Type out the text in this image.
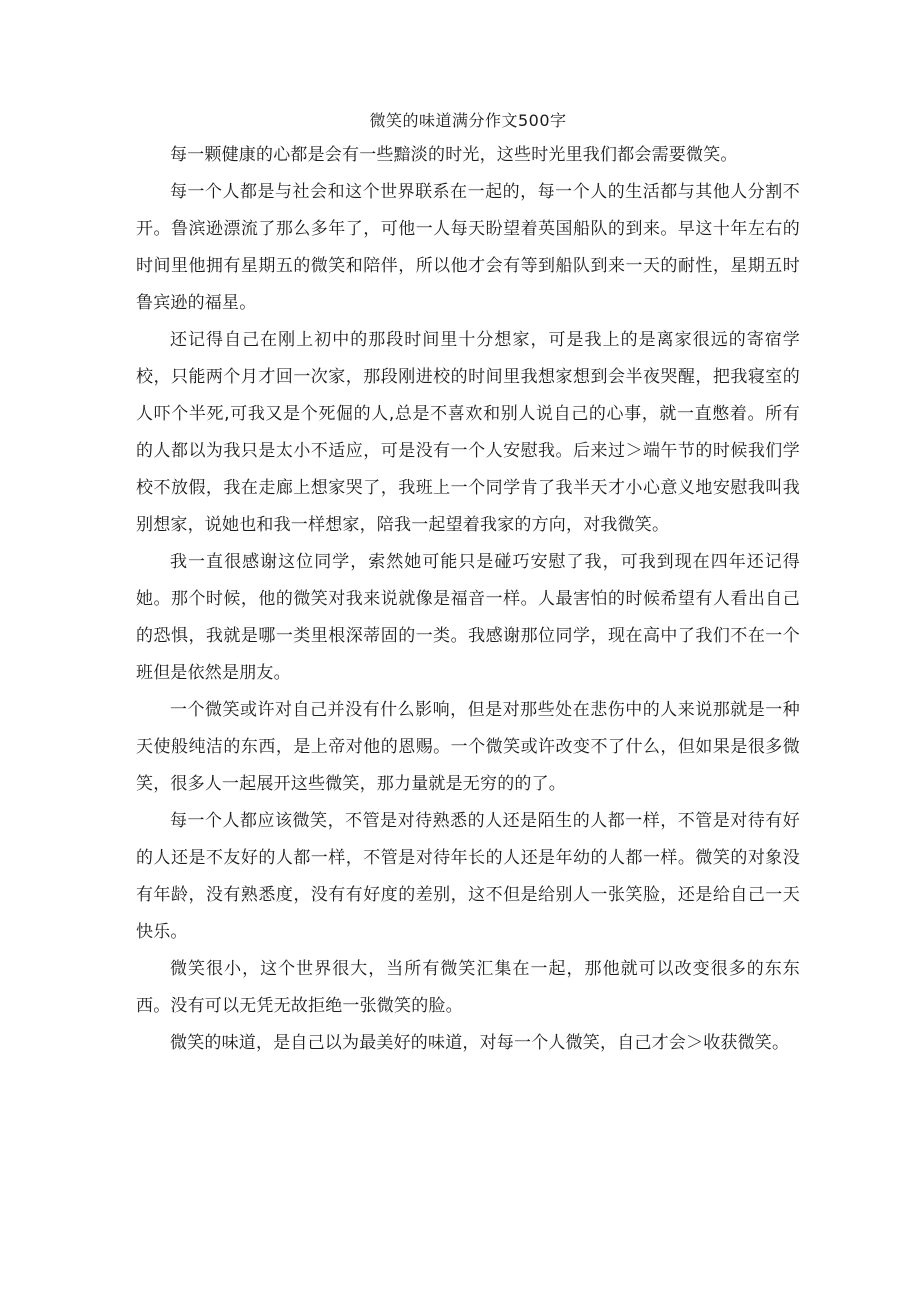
微笑的味道满分作文500字

每一颗健康的心都是会有一些黯淡的时光，这些时光里我们都会需要微笑。

每一个人都是与社会和这个世界联系在一起的，每一个人的生活都与其他人分割不开。鲁滨逊漂流了那么多年了，可他一人每天盼望着英国船队的到来。早这十年左右的时间里他拥有星期五的微笑和陪伴，所以他才会有等到船队到来一天的耐性，星期五时鲁宾逊的福星。

还记得自己在刚上初中的那段时间里十分想家，可是我上的是离家很远的寄宿学校，只能两个月才回一次家，那段刚进校的时间里我想家想到会半夜哭醒，把我寝室的人吓个半死,可我又是个死倔的人,总是不喜欢和别人说自己的心事，就一直憋着。所有的人都以为我只是太小不适应，可是没有一个人安慰我。后来过＞端午节的时候我们学校不放假，我在走廊上想家哭了，我班上一个同学肯了我半天才小心意义地安慰我叫我别想家，说她也和我一样想家，陪我一起望着我家的方向，对我微笑。

我一直很感谢这位同学，索然她可能只是碰巧安慰了我，可我到现在四年还记得她。那个时候，他的微笑对我来说就像是福音一样。人最害怕的时候希望有人看出自己的恐惧，我就是哪一类里根深蒂固的一类。我感谢那位同学，现在高中了我们不在一个班但是依然是朋友。

一个微笑或许对自己并没有什么影响，但是对那些处在悲伤中的人来说那就是一种天使般纯洁的东西，是上帝对他的恩赐。一个微笑或许改变不了什么，但如果是很多微笑，很多人一起展开这些微笑，那力量就是无穷的的了。

每一个人都应该微笑，不管是对待熟悉的人还是陌生的人都一样，不管是对待有好的人还是不友好的人都一样，不管是对待年长的人还是年幼的人都一样。微笑的对象没有年龄，没有熟悉度，没有有好度的差别，这不但是给别人一张笑脸，还是给自己一天快乐。

微笑很小，这个世界很大，当所有微笑汇集在一起，那他就可以改变很多的东东西。没有可以无凭无故拒绝一张微笑的脸。

微笑的味道，是自己以为最美好的味道，对每一个人微笑，自己才会＞收获微笑。
